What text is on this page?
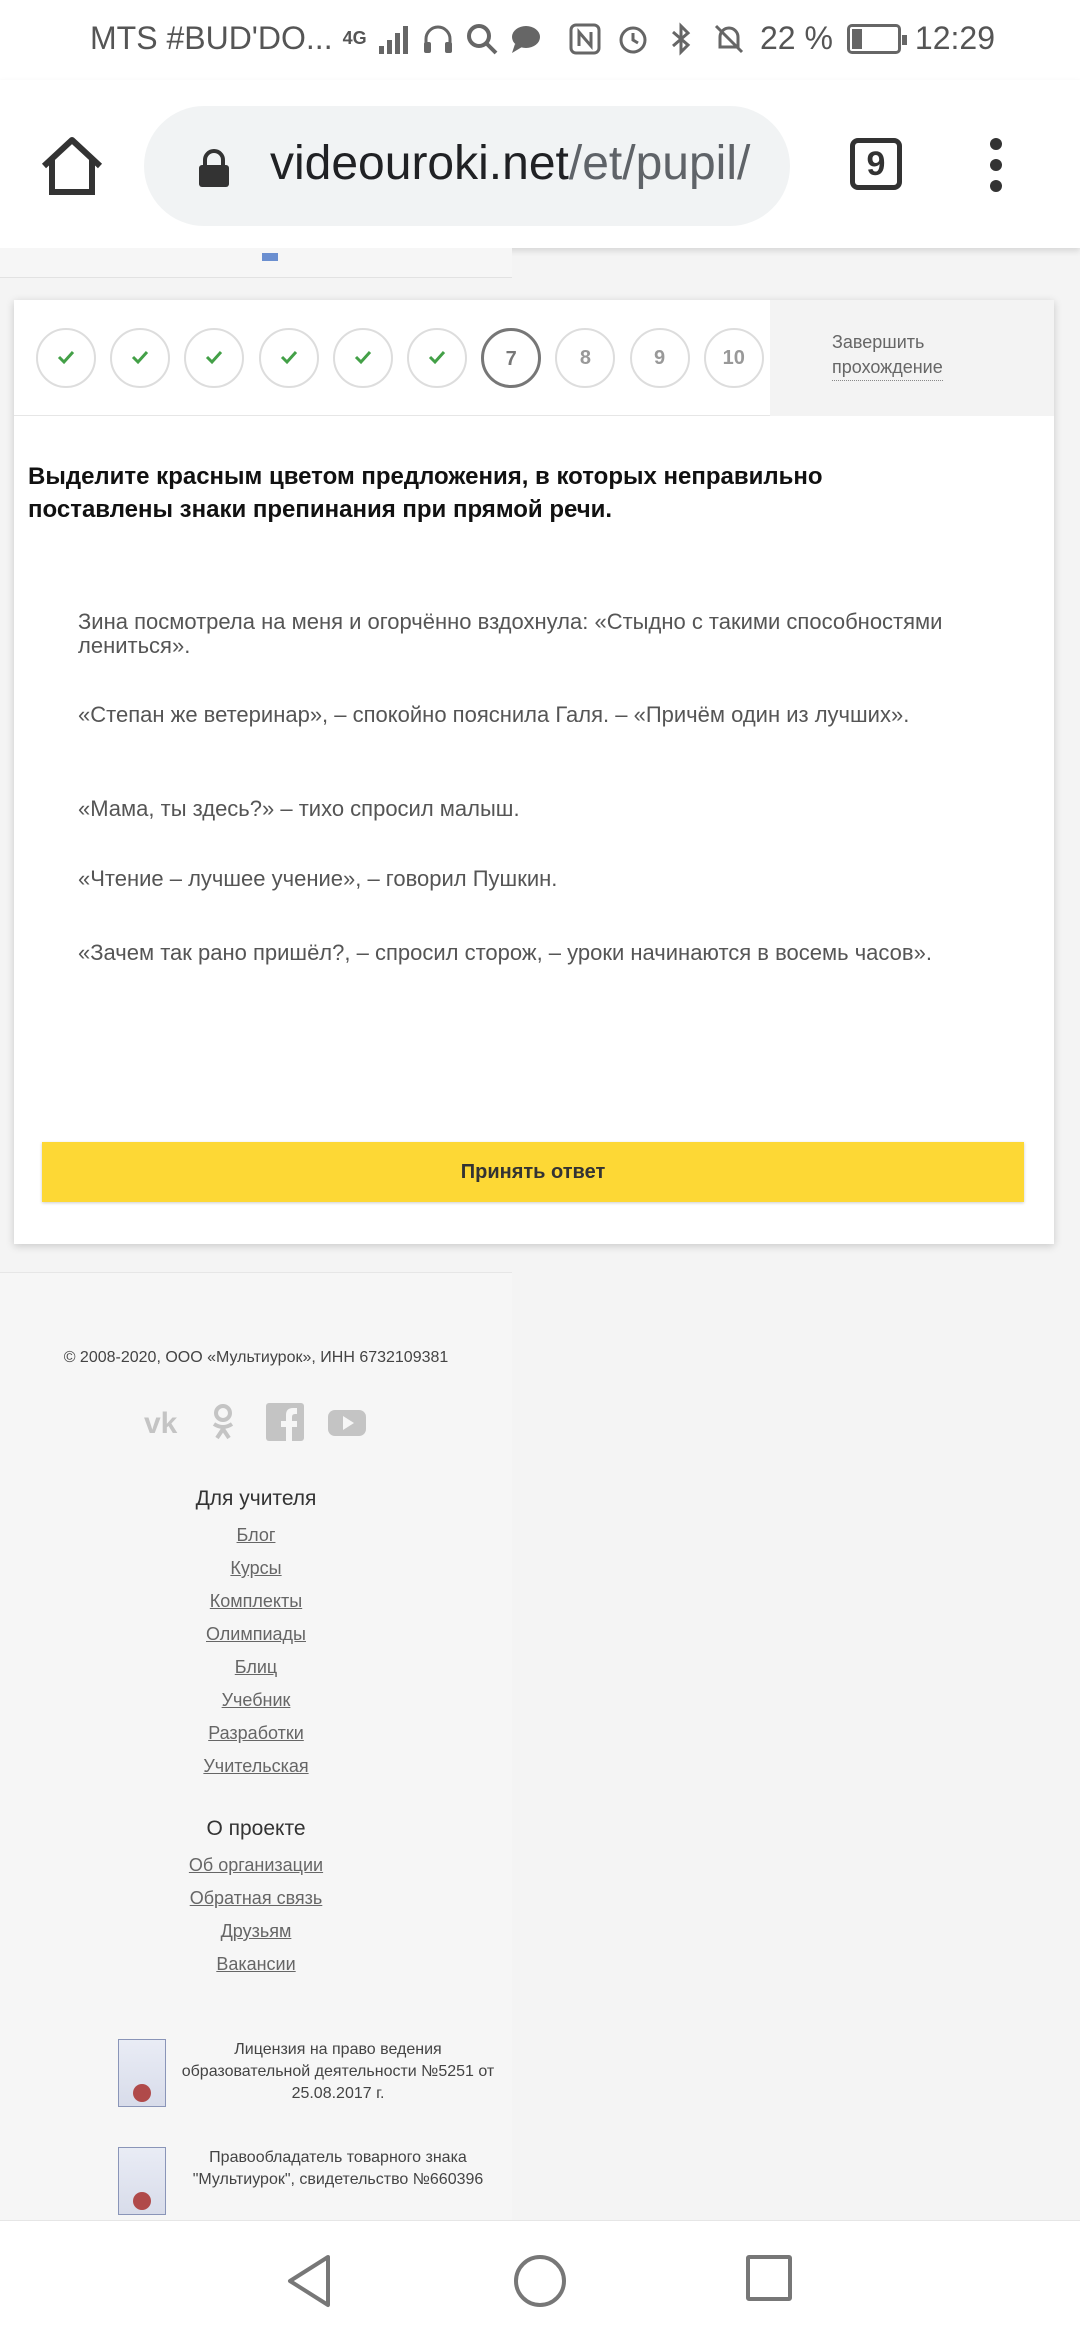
MTS #BUD'DO... 4G	22 %	12:29
videouroki.net/et/pupil/	9
Завершить
прохождение
7	8	9	10
Выделите красным цветом предложения, в которых неправильно поставлены знаки препинания при прямой речи.
Зина посмотрела на меня и огорчённо вздохнула: «Стыдно с такими способностями лениться».
«Степан же ветеринар», – спокойно пояснила Галя. – «Причём один из лучших».
«Мама, ты здесь?» – тихо спросил малыш.
«Чтение – лучшее учение», – говорил Пушкин.
«Зачем так рано пришёл?, – спросил сторож, – уроки начинаются в восемь часов».
Принять ответ
© 2008-2020, ООО «Мультиурок», ИНН 6732109381
vk
Для учителя
Блог
Курсы
Комплекты
Олимпиады
Блиц
Учебник
Разработки
Учительская
О проекте
Об организации
Обратная связь
Друзьям
Вакансии
Лицензия на право ведения образовательной деятельности №5251 от 25.08.2017 г.
Правообладатель товарного знака "Мультиурок", свидетельство №660396
